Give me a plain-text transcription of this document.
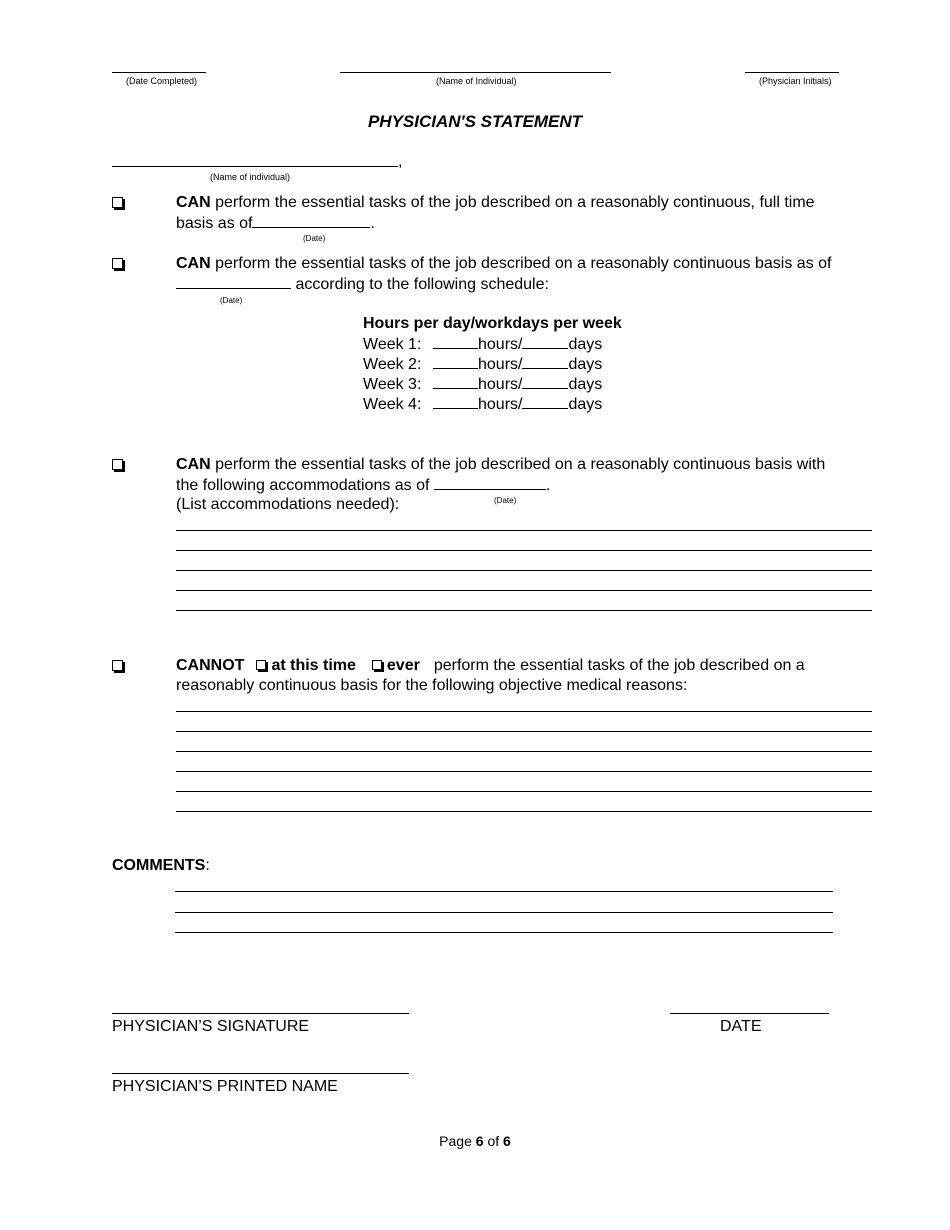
(Date Completed)	(Name of Individual)	(Physician Initials)
PHYSICIAN'S STATEMENT
,
(Name of individual)
CAN perform the essential tasks of the job described on a reasonably continuous, full time
basis as of	.
(Date)
CAN perform the essential tasks of the job described on a reasonably continuous basis as of
according to the following schedule:
(Date)
Hours per day/workdays per week
Week 1:	hours/	days
Week 2:	hours/	days
Week 3:	hours/	days
Week 4:	hours/	days
CAN perform the essential tasks of the job described on a reasonably continuous basis with
the following accommodations as of	.
(List accommodations needed):	(Date)
CANNOT at this time ever perform the essential tasks of the job described on a
reasonably continuous basis for the following objective medical reasons:
COMMENTS:
PHYSICIAN’S SIGNATURE	DATE
PHYSICIAN’S PRINTED NAME
Page 6 of 6
